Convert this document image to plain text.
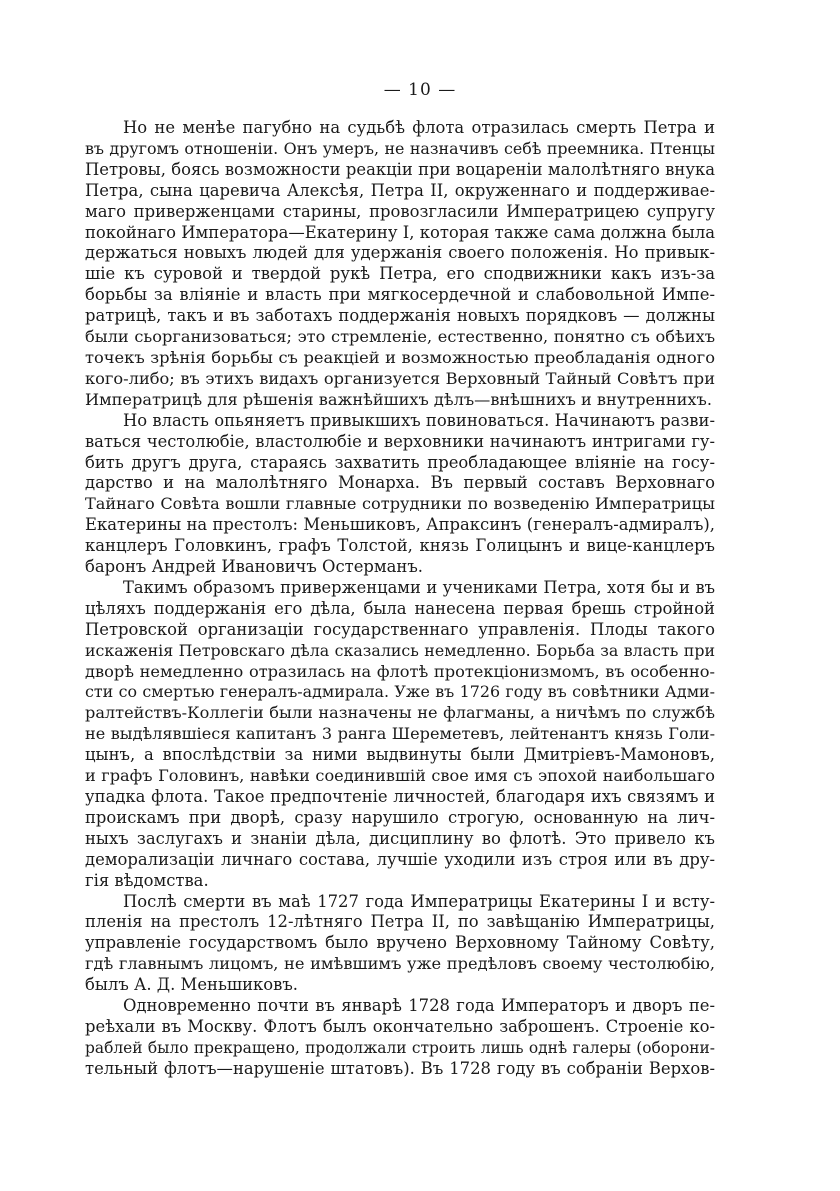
— 10 —
Но не менѣе пагубно на судьбѣ флота отразилась смерть Петра и
въ другомъ отношенiи. Онъ умеръ, не назначивъ себѣ преемника. Птенцы
Петровы, боясь возможности реакцiи при воцаренiи малолѣтняго внука
Петра, сына царевича Алексѣя, Петра II, окруженнаго и поддерживае-
маго приверженцами старины, провозгласили Императрицею супругу
покойнаго Императора—Екатерину I, которая также сама должна была
держаться новыхъ людей для удержанiя своего положенiя. Но привык-
шiе къ суровой и твердой рукѣ Петра, его сподвижники какъ изъ-за
борьбы за влiянiе и власть при мягкосердечной и слабовольной Импе-
ратрицѣ, такъ и въ заботахъ поддержанiя новыхъ порядковъ — должны
были сьорганизоваться; это стремленiе, естественно, понятно съ обѣихъ
точекъ зрѣнiя борьбы съ реакцiей и возможностью преобладанiя одного
кого-либо; въ этихъ видахъ организуется Верховный Тайный Совѣтъ при
Императрицѣ для рѣшенiя важнѣйшихъ дѣлъ—внѣшнихъ и внутреннихъ.
Но власть опьяняетъ привыкшихъ повиноваться. Начинаютъ разви-
ваться честолюбiе, властолюбiе и верховники начинаютъ интригами гу-
бить другъ друга, стараясь захватить преобладающее влiянiе на госу-
дарство и на малолѣтняго Монарха. Въ первый составъ Верховнаго
Тайнаго Совѣта вошли главные сотрудники по возведенiю Императрицы
Екатерины на престолъ: Меньшиковъ, Апраксинъ (генералъ-адмиралъ),
канцлеръ Головкинъ, графъ Толстой, князь Голицынъ и вице-канцлеръ
баронъ Андрей Ивановичъ Остерманъ.
Такимъ образомъ приверженцами и учениками Петра, хотя бы и въ
цѣляхъ поддержанiя его дѣла, была нанесена первая брешь стройной
Петровской организацiи государственнаго управленiя. Плоды такого
искаженiя Петровскаго дѣла сказались немедленно. Борьба за власть при
дворѣ немедленно отразилась на флотѣ протекцiонизмомъ, въ особенно-
сти со смертью генералъ-адмирала. Уже въ 1726 году въ совѣтники Адми-
ралтействъ-Коллегiи были назначены не флагманы, а ничѣмъ по службѣ
не выдѣлявшiеся капитанъ 3 ранга Шереметевъ, лейтенантъ князь Голи-
цынъ, а впослѣдствiи за ними выдвинуты были Дмитрiевъ-Мамоновъ,
и графъ Головинъ, навѣки соединившiй свое имя съ эпохой наибольшаго
упадка флота. Такое предпочтенiе личностей, благодаря ихъ связямъ и
проискамъ при дворѣ, сразу нарушило строгую, основанную на лич-
ныхъ заслугахъ и знанiи дѣла, дисциплину во флотѣ. Это привело къ
деморализацiи личнаго состава, лучшiе уходили изъ строя или въ дру-
гiя вѣдомства.
Послѣ смерти въ маѣ 1727 года Императрицы Екатерины I и всту-
пленiя на престолъ 12-лѣтняго Петра II, по завѣщанiю Императрицы,
управленiе государствомъ было вручено Верховному Тайному Совѣту,
гдѣ главнымъ лицомъ, не имѣвшимъ уже предѣловъ своему честолюбiю,
былъ А. Д. Меньшиковъ.
Одновременно почти въ январѣ 1728 года Императоръ и дворъ пе-
реѣхали въ Москву. Флотъ былъ окончательно заброшенъ. Строенiе ко-
раблей было прекращено, продолжали строить лишь однѣ галеры (оборони-
тельный флотъ—нарушенiе штатовъ). Въ 1728 году въ собранiи Верхов-
